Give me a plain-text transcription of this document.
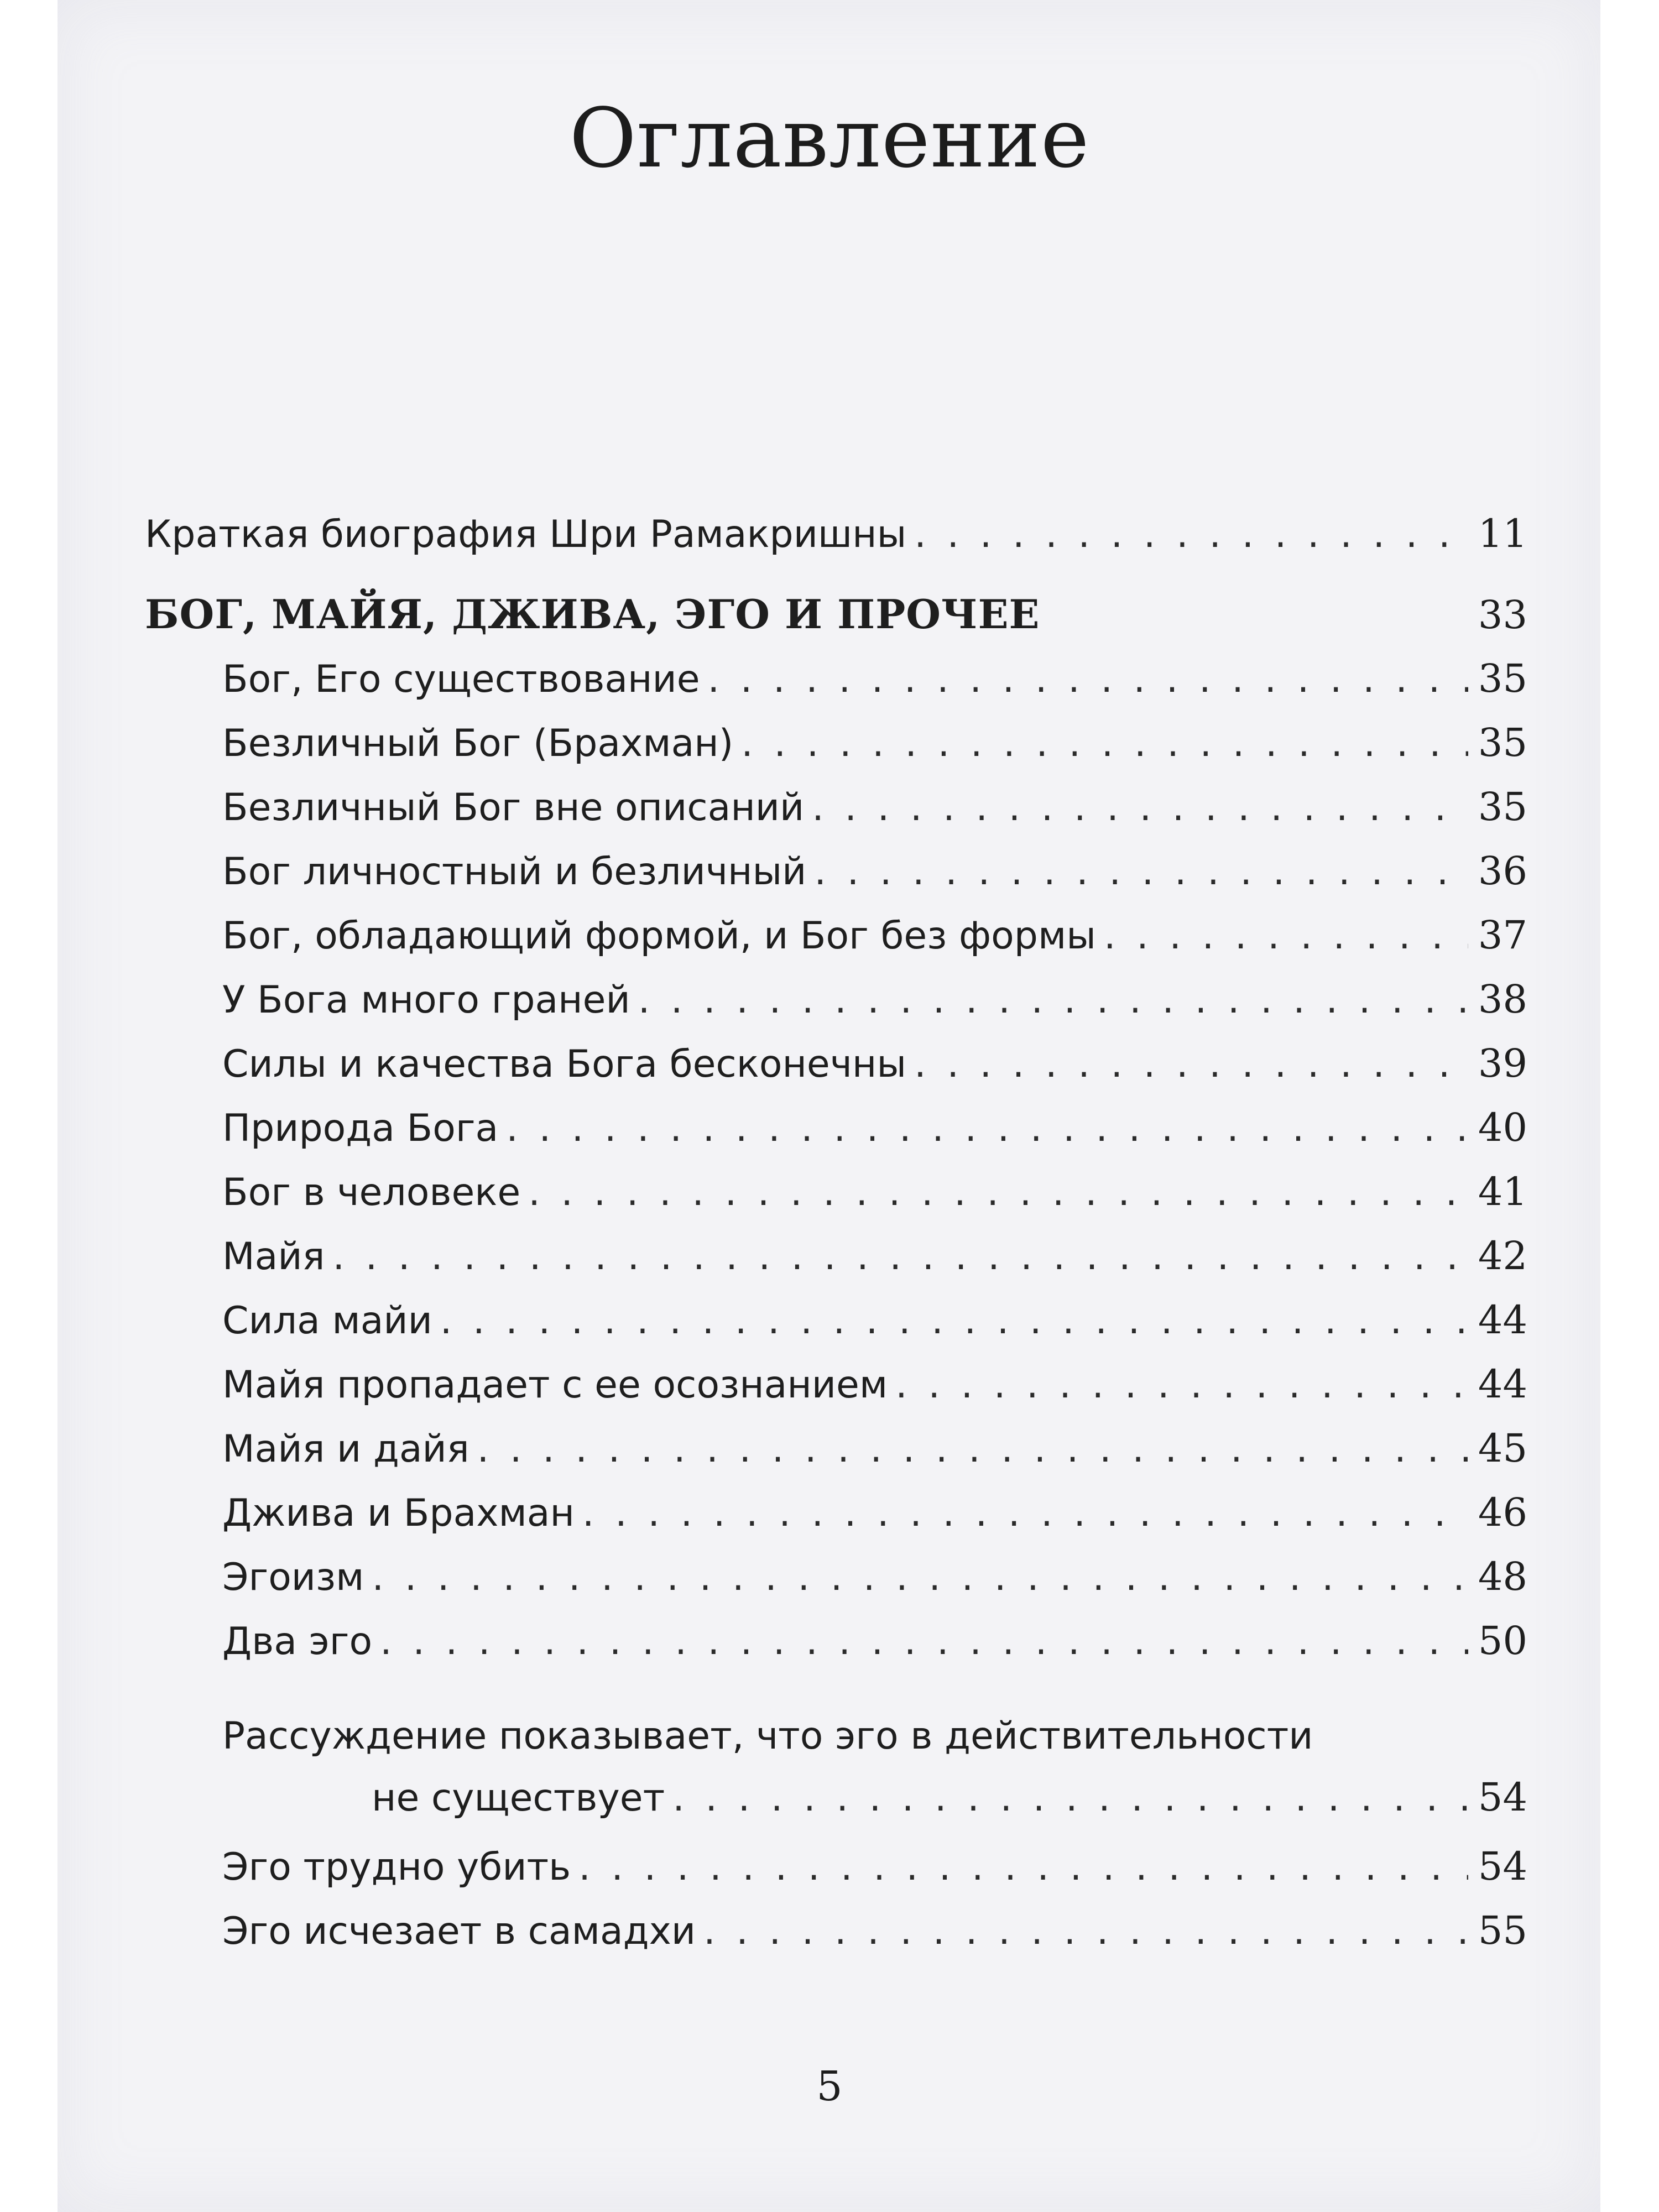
Оглавление
Краткая биография Шри Рамакришны . . .	11
БОГ, МАЙЯ, ДЖИВА, ЭГО И ПРОЧЕЕ	33
Бог, Его существование . . .	35
Безличный Бог (Брахман) . . .	35
Безличный Бог вне описаний . . .	35
Бог личностный и безличный . . .	36
Бог, обладающий формой, и Бог без формы . . .	37
У Бога много граней . . .	38
Силы и качества Бога бесконечны . . .	39
Природа Бога . . .	40
Бог в человеке . . .	41
Майя . . .	42
Сила майи . . .	44
Майя пропадает с ее осознанием . . .	44
Майя и дайя . . .	45
Джива и Брахман . . .	46
Эгоизм . . .	48
Два эго . . .	50
Рассуждение показывает, что эго в действительности
не существует . . .	54
Эго трудно убить . . .	54
Эго исчезает в самадхи . . .	55
5
